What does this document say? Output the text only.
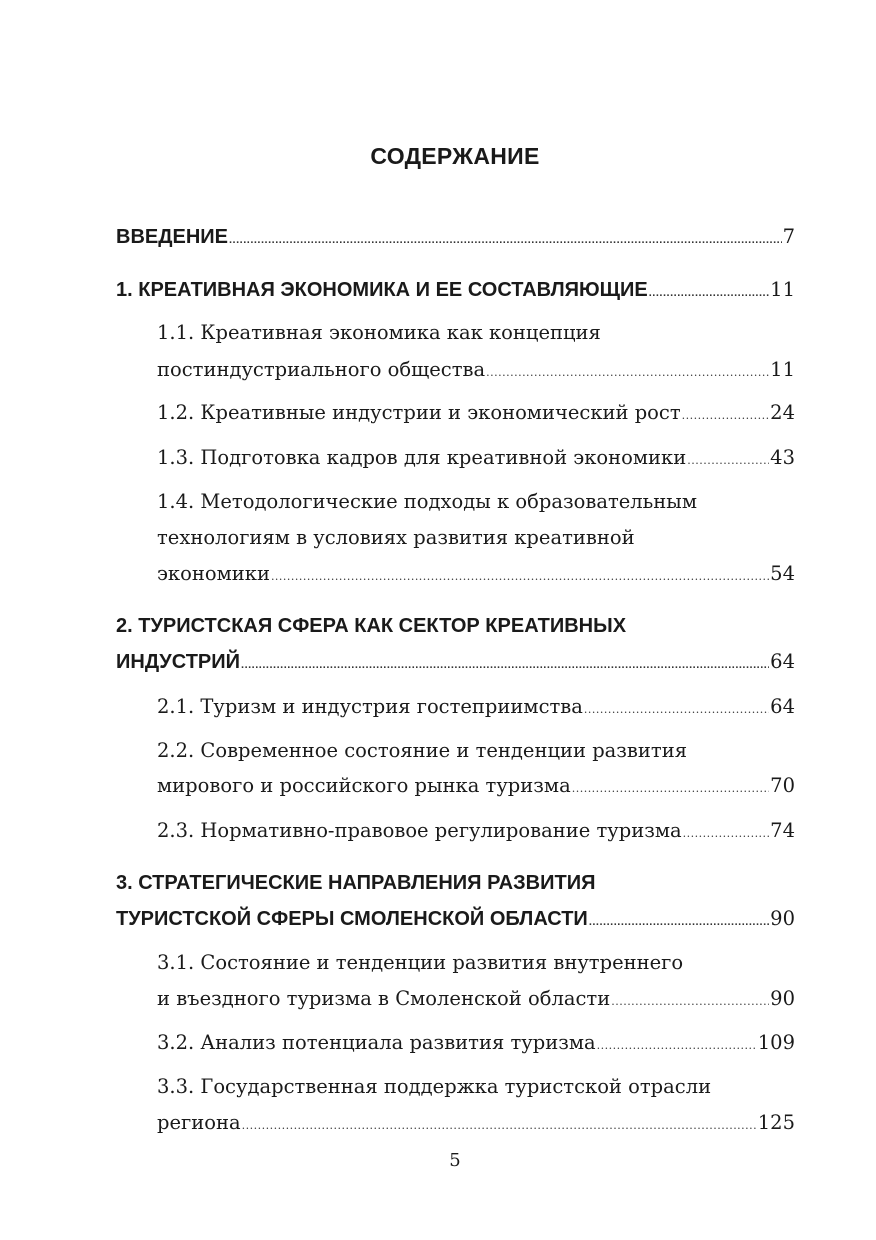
СОДЕРЖАНИЕ
ВВЕДЕНИЕ .....	7
1. КРЕАТИВНАЯ ЭКОНОМИКА И ЕЕ СОСТАВЛЯЮЩИЕ .....	11
1.1. Креативная экономика как концепция
постиндустриального общества .....	11
1.2. Креативные индустрии и экономический рост .....	24
1.3. Подготовка кадров для креативной экономики .....	43
1.4. Методологические подходы к образовательным
технологиям в условиях развития креативной
экономики .....	54
2. ТУРИСТСКАЯ СФЕРА КАК СЕКТОР КРЕАТИВНЫХ
ИНДУСТРИЙ .....	64
2.1. Туризм и индустрия гостеприимства .....	64
2.2. Современное состояние и тенденции развития
мирового и российского рынка туризма .....	70
2.3. Нормативно-правовое регулирование туризма .....	74
3. СТРАТЕГИЧЕСКИЕ НАПРАВЛЕНИЯ РАЗВИТИЯ
ТУРИСТСКОЙ СФЕРЫ СМОЛЕНСКОЙ ОБЛАСТИ .....	90
3.1. Состояние и тенденции развития внутреннего
и въездного туризма в Смоленской области .....	90
3.2. Анализ потенциала развития туризма .....	109
3.3. Государственная поддержка туристской отрасли
региона .....	125
5
